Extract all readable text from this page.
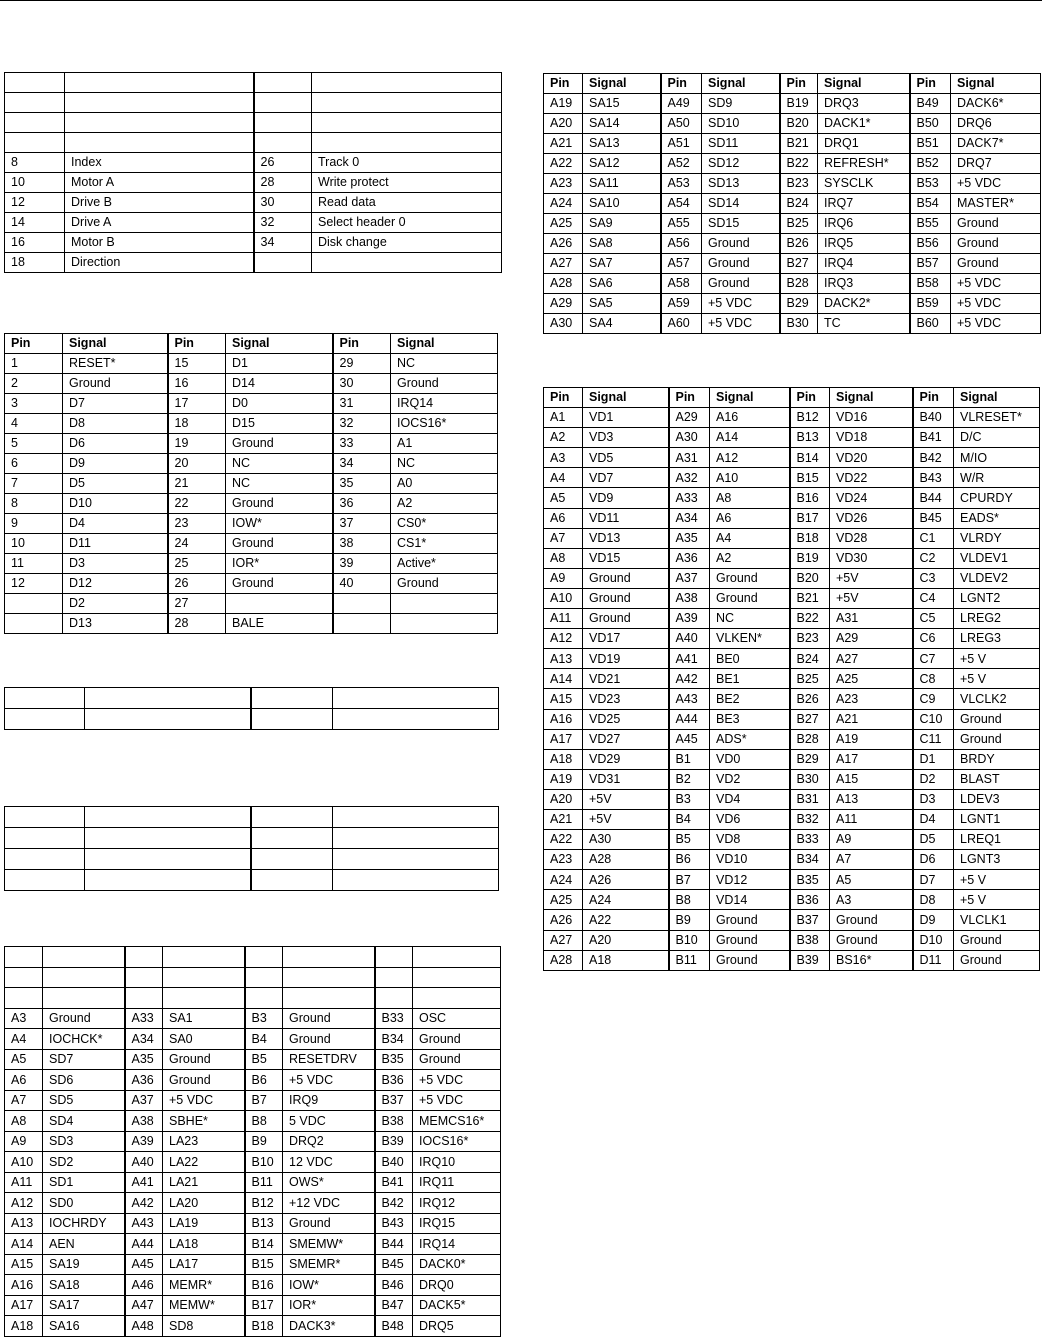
8	Index	26	Track 0
10	Motor A	28	Write protect
12	Drive B	30	Read data
14	Drive A	32	Select header 0
16	Motor B	34	Disk change
18	Direction		
Pin	Signal	Pin	Signal	Pin	Signal
1	RESET*	15	D1	29	NC
2	Ground	16	D14	30	Ground
3	D7	17	D0	31	IRQ14
4	D8	18	D15	32	IOCS16*
5	D6	19	Ground	33	A1
6	D9	20	NC	34	NC
7	D5	21	NC	35	A0
8	D10	22	Ground	36	A2
9	D4	23	IOW*	37	CS0*
10	D11	24	Ground	38	CS1*
11	D3	25	IOR*	39	Active*
12	D12	26	Ground	40	Ground
	D2	27			
	D13	28	BALE		

A3	Ground	A33	SA1	B3	Ground	B33	OSC
A4	IOCHCK*	A34	SA0	B4	Ground	B34	Ground
A5	SD7	A35	Ground	B5	RESETDRV	B35	Ground
A6	SD6	A36	Ground	B6	+5 VDC	B36	+5 VDC
A7	SD5	A37	+5 VDC	B7	IRQ9	B37	+5 VDC
A8	SD4	A38	SBHE*	B8	5 VDC	B38	MEMCS16*
A9	SD3	A39	LA23	B9	DRQ2	B39	IOCS16*
A10	SD2	A40	LA22	B10	12 VDC	B40	IRQ10
A11	SD1	A41	LA21	B11	OWS*	B41	IRQ11
A12	SD0	A42	LA20	B12	+12 VDC	B42	IRQ12
A13	IOCHRDY	A43	LA19	B13	Ground	B43	IRQ15
A14	AEN	A44	LA18	B14	SMEMW*	B44	IRQ14
A15	SA19	A45	LA17	B15	SMEMR*	B45	DACK0*
A16	SA18	A46	MEMR*	B16	IOW*	B46	DRQ0
A17	SA17	A47	MEMW*	B17	IOR*	B47	DACK5*
A18	SA16	A48	SD8	B18	DACK3*	B48	DRQ5
Pin	Signal	Pin	Signal	Pin	Signal	Pin	Signal
A19	SA15	A49	SD9	B19	DRQ3	B49	DACK6*
A20	SA14	A50	SD10	B20	DACK1*	B50	DRQ6
A21	SA13	A51	SD11	B21	DRQ1	B51	DACK7*
A22	SA12	A52	SD12	B22	REFRESH*	B52	DRQ7
A23	SA11	A53	SD13	B23	SYSCLK	B53	+5 VDC
A24	SA10	A54	SD14	B24	IRQ7	B54	MASTER*
A25	SA9	A55	SD15	B25	IRQ6	B55	Ground
A26	SA8	A56	Ground	B26	IRQ5	B56	Ground
A27	SA7	A57	Ground	B27	IRQ4	B57	Ground
A28	SA6	A58	Ground	B28	IRQ3	B58	+5 VDC
A29	SA5	A59	+5 VDC	B29	DACK2*	B59	+5 VDC
A30	SA4	A60	+5 VDC	B30	TC	B60	+5 VDC
Pin	Signal	Pin	Signal	Pin	Signal	Pin	Signal
A1	VD1	A29	A16	B12	VD16	B40	VLRESET*
A2	VD3	A30	A14	B13	VD18	B41	D/C
A3	VD5	A31	A12	B14	VD20	B42	M/IO
A4	VD7	A32	A10	B15	VD22	B43	W/R
A5	VD9	A33	A8	B16	VD24	B44	CPURDY
A6	VD11	A34	A6	B17	VD26	B45	EADS*
A7	VD13	A35	A4	B18	VD28	C1	VLRDY
A8	VD15	A36	A2	B19	VD30	C2	VLDEV1
A9	Ground	A37	Ground	B20	+5V	C3	VLDEV2
A10	Ground	A38	Ground	B21	+5V	C4	LGNT2
A11	Ground	A39	NC	B22	A31	C5	LREG2
A12	VD17	A40	VLKEN*	B23	A29	C6	LREG3
A13	VD19	A41	BE0	B24	A27	C7	+5 V
A14	VD21	A42	BE1	B25	A25	C8	+5 V
A15	VD23	A43	BE2	B26	A23	C9	VLCLK2
A16	VD25	A44	BE3	B27	A21	C10	Ground
A17	VD27	A45	ADS*	B28	A19	C11	Ground
A18	VD29	B1	VD0	B29	A17	D1	BRDY
A19	VD31	B2	VD2	B30	A15	D2	BLAST
A20	+5V	B3	VD4	B31	A13	D3	LDEV3
A21	+5V	B4	VD6	B32	A11	D4	LGNT1
A22	A30	B5	VD8	B33	A9	D5	LREQ1
A23	A28	B6	VD10	B34	A7	D6	LGNT3
A24	A26	B7	VD12	B35	A5	D7	+5 V
A25	A24	B8	VD14	B36	A3	D8	+5 V
A26	A22	B9	Ground	B37	Ground	D9	VLCLK1
A27	A20	B10	Ground	B38	Ground	D10	Ground
A28	A18	B11	Ground	B39	BS16*	D11	Ground
